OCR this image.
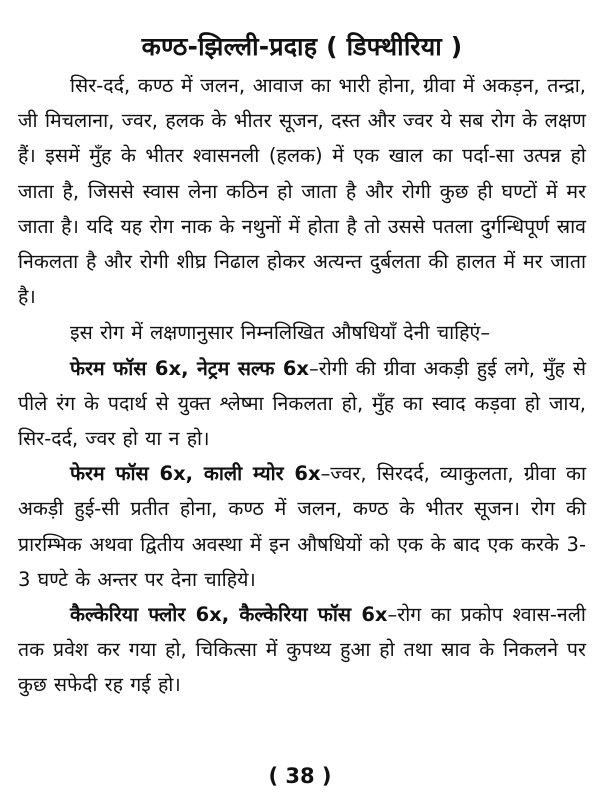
कण्ठ-झिल्ली-प्रदाह ( डिफ्थीरिया )

सिर-दर्द, कण्ठ में जलन, आवाज का भारी होना, ग्रीवा में अकड़न, तन्द्रा, जी मिचलाना, ज्वर, हलक के भीतर सूजन, दस्त और ज्वर ये सब रोग के लक्षण हैं। इसमें मुँह के भीतर श्वासनली (हलक) में एक खाल का पर्दा-सा उत्पन्न हो जाता है, जिससे स्वास लेना कठिन हो जाता है और रोगी कुछ ही घण्टों में मर जाता है। यदि यह रोग नाक के नथुनों में होता है तो उससे पतला दुर्गन्धिपूर्ण स्राव निकलता है और रोगी शीघ्र निढाल होकर अत्यन्त दुर्बलता की हालत में मर जाता है।

इस रोग में लक्षणानुसार निम्नलिखित औषधियाँ देनी चाहिएं–

फेरम फॉस 6x, नेट्रम सल्फ 6x–रोगी की ग्रीवा अकड़ी हुई लगे, मुँह से पीले रंग के पदार्थ से युक्त श्लेष्मा निकलता हो, मुँह का स्वाद कड़वा हो जाय, सिर-दर्द, ज्वर हो या न हो।

फेरम फॉस 6x, काली म्योर 6x–ज्वर, सिरदर्द, व्याकुलता, ग्रीवा का अकड़ी हुई-सी प्रतीत होना, कण्ठ में जलन, कण्ठ के भीतर सूजन। रोग की प्रारम्भिक अथवा द्वितीय अवस्था में इन औषधियों को एक के बाद एक करके 3-3 घण्टे के अन्तर पर देना चाहिये।

कैल्केरिया फ्लोर 6x, कैल्केरिया फॉस 6x–रोग का प्रकोप श्वास-नली तक प्रवेश कर गया हो, चिकित्सा में कुपथ्य हुआ हो तथा स्राव के निकलने पर कुछ सफेदी रह गई हो।

( 38 )
